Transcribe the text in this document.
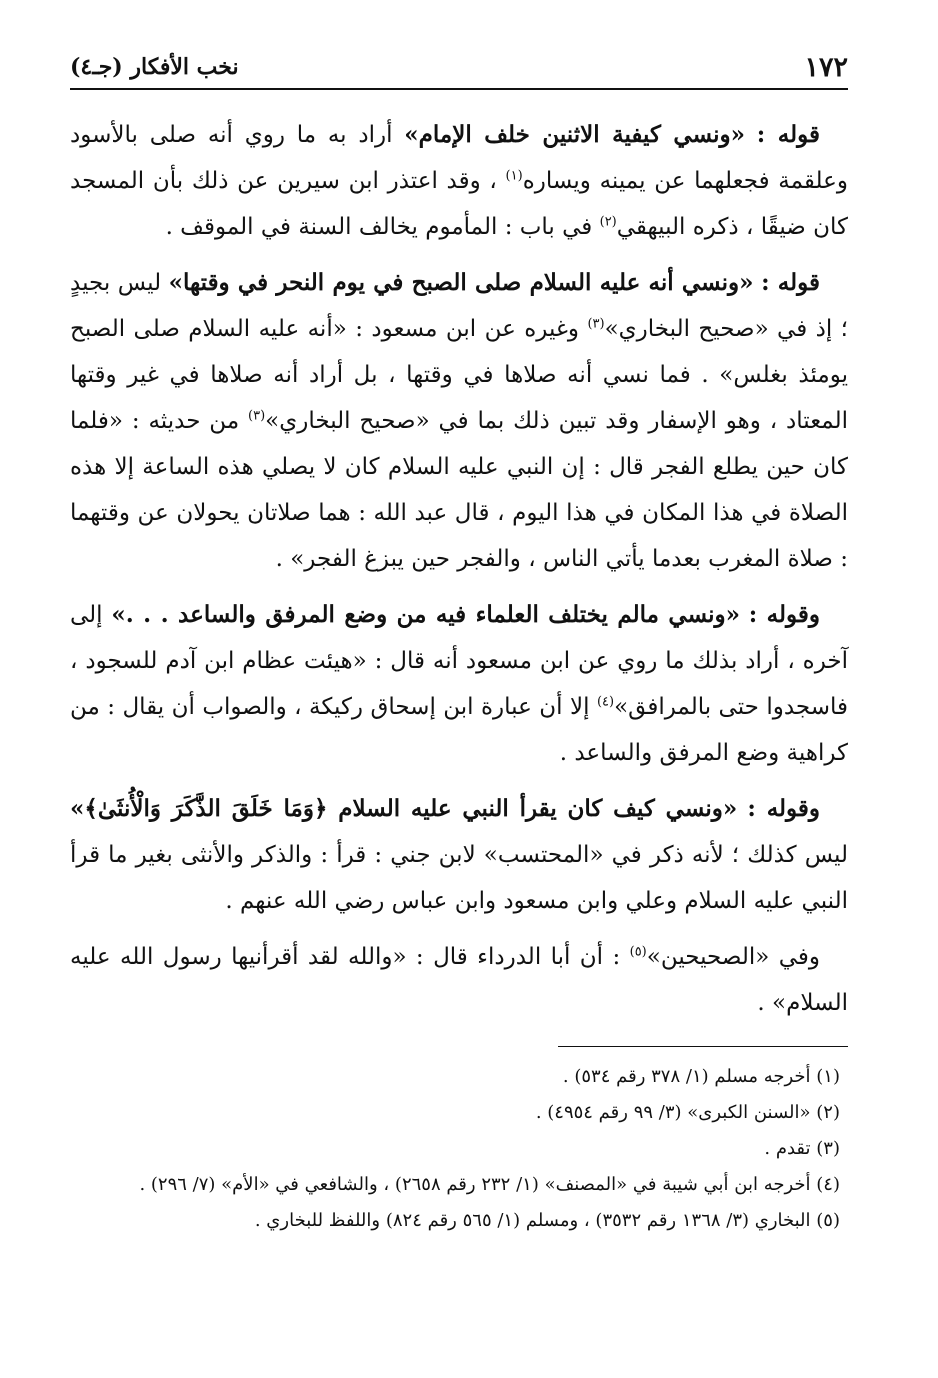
١٧٢
نخب الأفكار (جـ٤)

قوله : «ونسي كيفية الاثنين خلف الإمام» أراد به ما روي أنه صلى بالأسود وعلقمة فجعلهما عن يمينه ويساره$^{(١)}$ ، وقد اعتذر ابن سيرين عن ذلك بأن المسجد كان ضيقًا ، ذكره البيهقي$^{(٢)}$ في باب : المأموم يخالف السنة في الموقف .

قوله : «ونسي أنه عليه السلام صلى الصبح في يوم النحر في وقتها» ليس بجيدٍ ؛ إذ في «صحيح البخاري»$^{(٣)}$ وغيره عن ابن مسعود : «أنه عليه السلام صلى الصبح يومئذ بغلس» . فما نسي أنه صلاها في وقتها ، بل أراد أنه صلاها في غير وقتها المعتاد ، وهو الإسفار وقد تبين ذلك بما في «صحيح البخاري»$^{(٣)}$ من حديثه : «فلما كان حين يطلع الفجر قال : إن النبي عليه السلام كان لا يصلي هذه الساعة إلا هذه الصلاة في هذا المكان في هذا اليوم ، قال عبد الله : هما صلاتان يحولان عن وقتهما : صلاة المغرب بعدما يأتي الناس ، والفجر حين يبزغ الفجر» .

وقوله : «ونسي مالم يختلف العلماء فيه من وضع المرفق والساعد . . .» إلى آخره ، أراد بذلك ما روي عن ابن مسعود أنه قال : «هيئت عظام ابن آدم للسجود ، فاسجدوا حتى بالمرافق»$^{(٤)}$ إلا أن عبارة ابن إسحاق ركيكة ، والصواب أن يقال : من كراهية وضع المرفق والساعد .

وقوله : «ونسي كيف كان يقرأ النبي عليه السلام ﴿وَمَا خَلَقَ الذَّكَرَ وَالْأُنثَىٰ﴾» ليس كذلك ؛ لأنه ذكر في «المحتسب» لابن جني : قرأ : والذكر والأنثى بغير ما قرأ النبي عليه السلام وعلي وابن مسعود وابن عباس رضي الله عنهم .

وفي «الصحيحين»$^{(٥)}$ : أن أبا الدرداء قال : «والله لقد أقرأنيها رسول الله عليه السلام» .

(١) أخرجه مسلم (١/ ٣٧٨ رقم ٥٣٤) .

(٢) «السنن الكبرى» (٣/ ٩٩ رقم ٤٩٥٤) .

(٣) تقدم .

(٤) أخرجه ابن أبي شيبة في «المصنف» (١/ ٢٣٢ رقم ٢٦٥٨) ، والشافعي في «الأم» (٧/ ٢٩٦) .

(٥) البخاري (٣/ ١٣٦٨ رقم ٣٥٣٢) ، ومسلم (١/ ٥٦٥ رقم ٨٢٤) واللفظ للبخاري .
